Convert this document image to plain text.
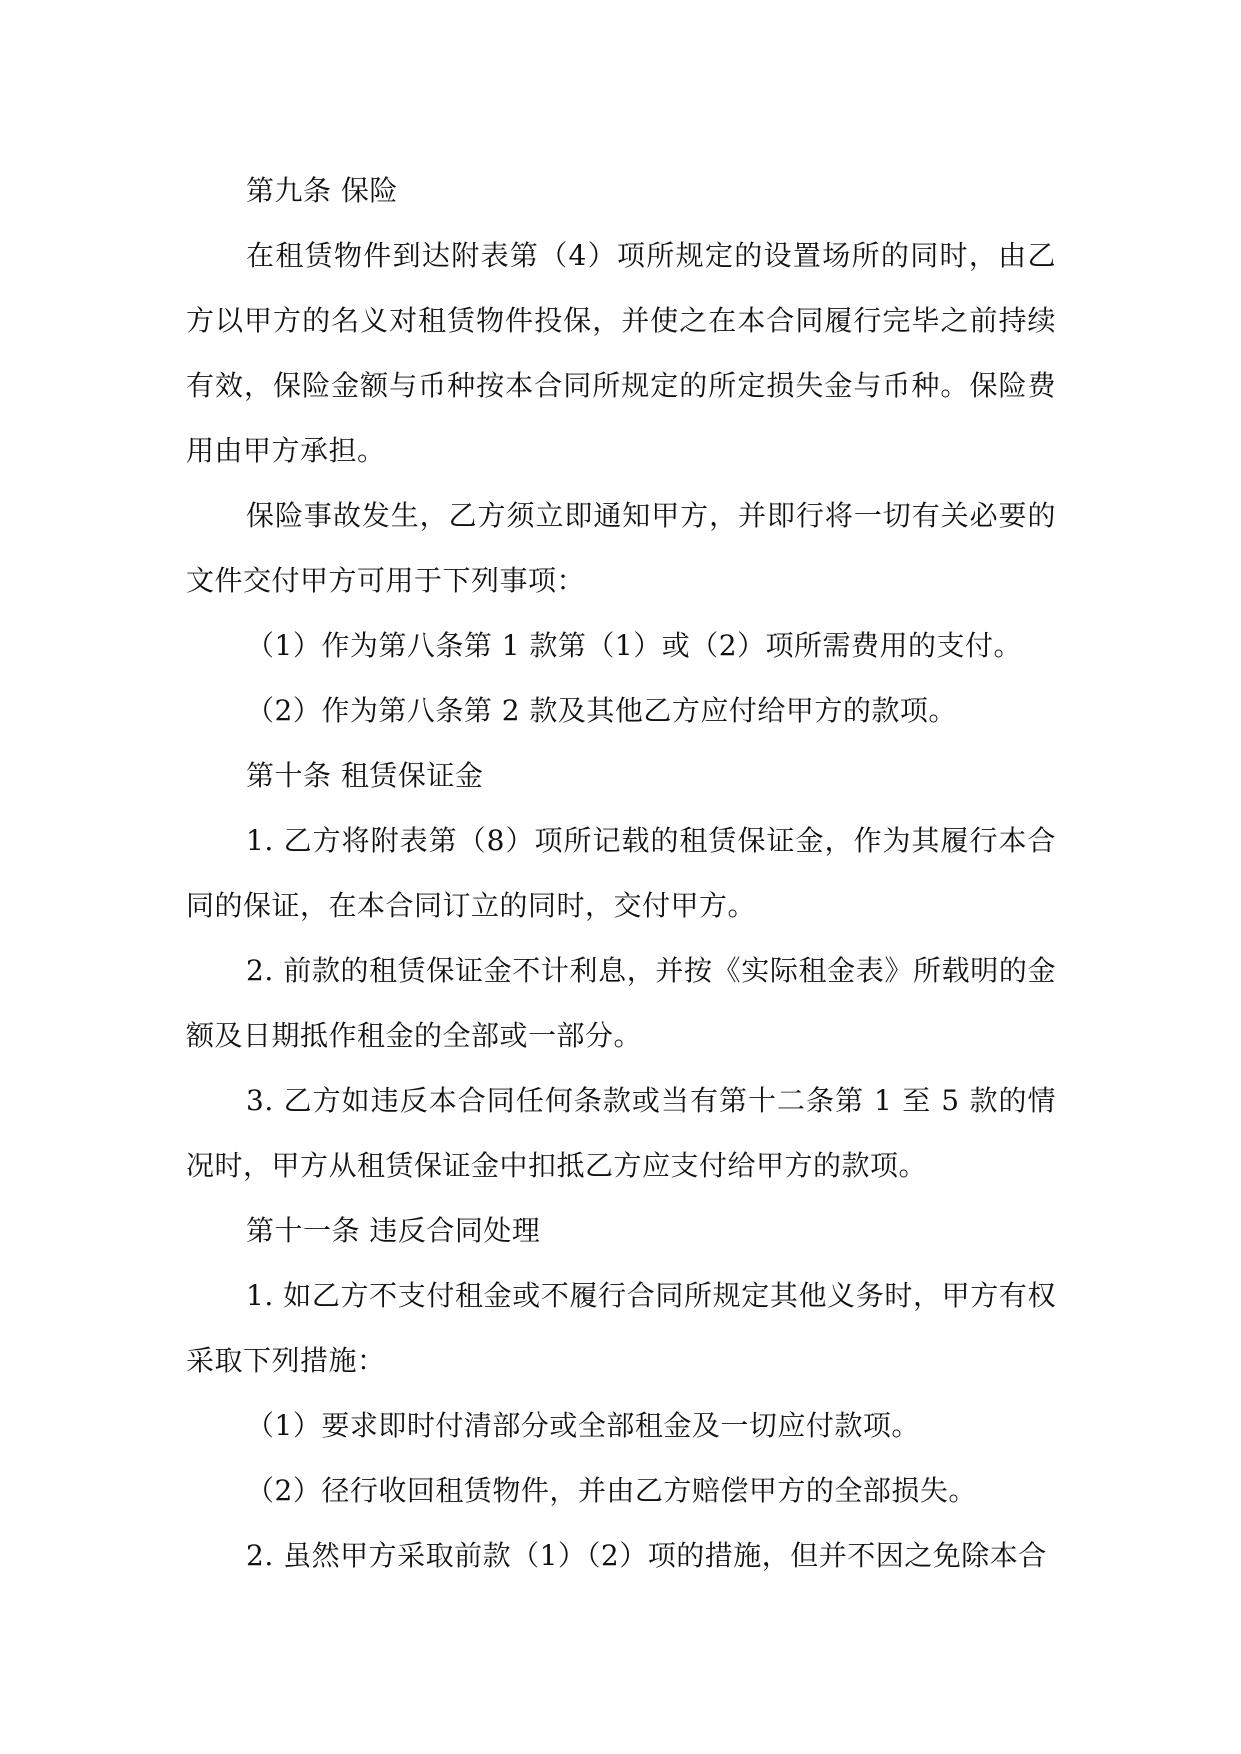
第九条 保险

在租赁物件到达附表第（4）项所规定的设置场所的同时，由乙方以甲方的名义对租赁物件投保，并使之在本合同履行完毕之前持续有效，保险金额与币种按本合同所规定的所定损失金与币种。保险费用由甲方承担。

保险事故发生，乙方须立即通知甲方，并即行将一切有关必要的文件交付甲方可用于下列事项：

（1）作为第八条第 1 款第（1）或（2）项所需费用的支付。

（2）作为第八条第 2 款及其他乙方应付给甲方的款项。

第十条 租赁保证金

1. 乙方将附表第（8）项所记载的租赁保证金，作为其履行本合同的保证，在本合同订立的同时，交付甲方。

2. 前款的租赁保证金不计利息，并按《实际租金表》所载明的金额及日期抵作租金的全部或一部分。

3. 乙方如违反本合同任何条款或当有第十二条第 1 至 5 款的情况时，甲方从租赁保证金中扣抵乙方应支付给甲方的款项。

第十一条 违反合同处理

1. 如乙方不支付租金或不履行合同所规定其他义务时，甲方有权采取下列措施：

（1）要求即时付清部分或全部租金及一切应付款项。

（2）径行收回租赁物件，并由乙方赔偿甲方的全部损失。

2. 虽然甲方采取前款（1）（2）项的措施，但并不因之免除本合
